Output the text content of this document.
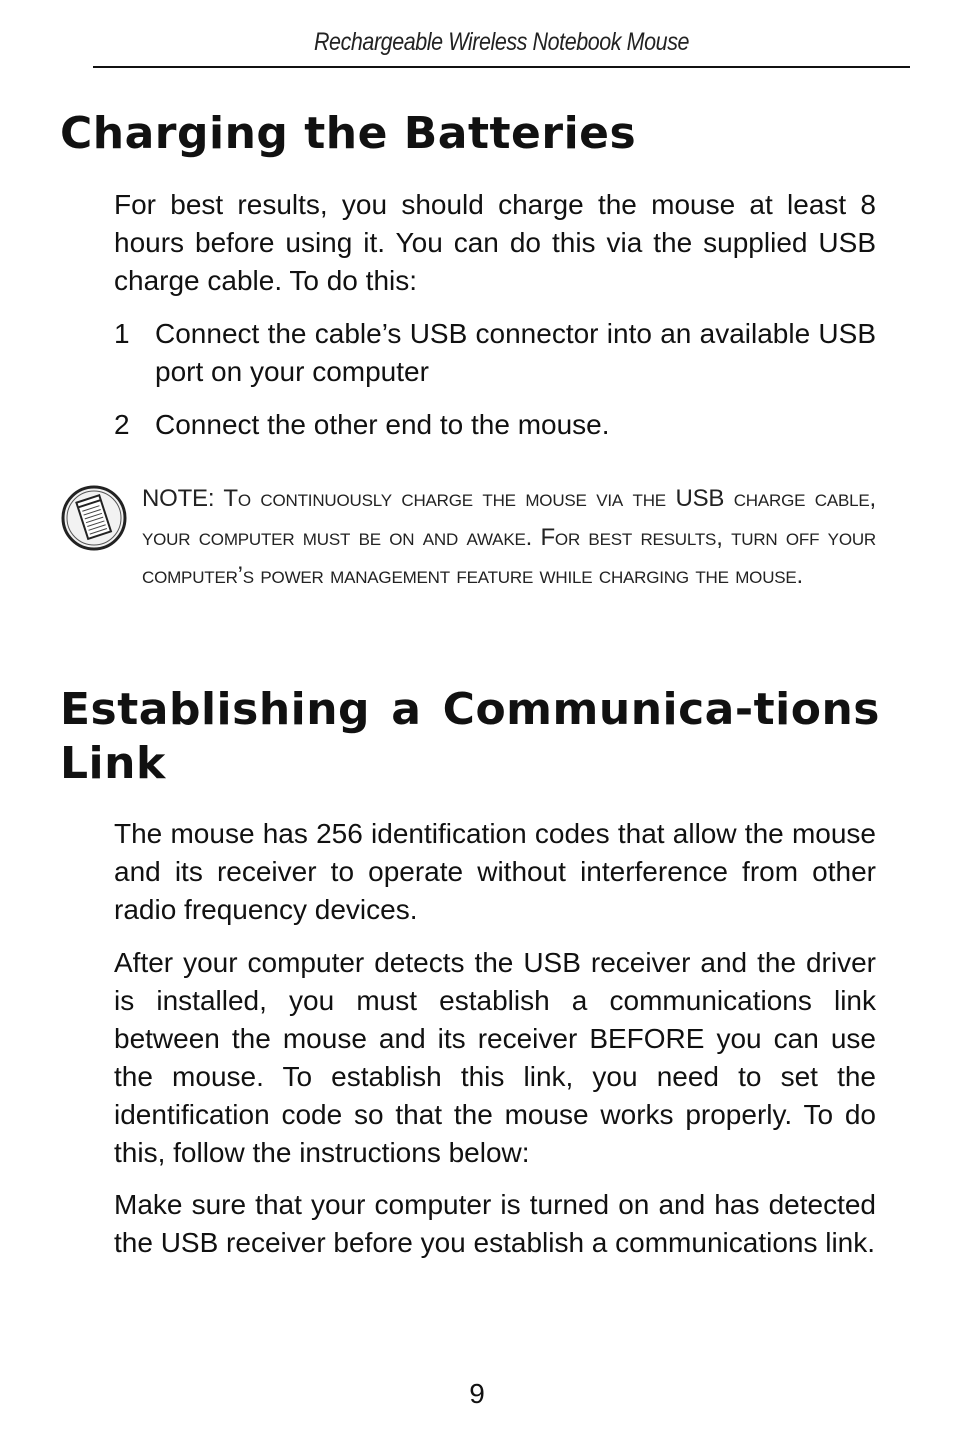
Rechargeable Wireless Notebook Mouse
Charging the Batteries

For best results, you should charge the mouse at least 8 hours before using it. You can do this via the supplied USB charge cable. To do this:

1 Connect the cable’s USB connector into an available USB port on your computer
2 Connect the other end to the mouse.
NOTE: To continuously charge the mouse via the USB charge cable, your computer must be on and awake. For best results, turn off your computer’s power management feature while charging the mouse.
Establishing a Communica-tions Link

The mouse has 256 identification codes that allow the mouse and its receiver to operate without interference from other radio frequency devices.

After your computer detects the USB receiver and the driver is installed, you must establish a communications link between the mouse and its receiver BEFORE you can use the mouse. To establish this link, you need to set the identification code so that the mouse works properly. To do this, follow the instructions below:

Make sure that your computer is turned on and has detected the USB receiver before you establish a communications link.

9
